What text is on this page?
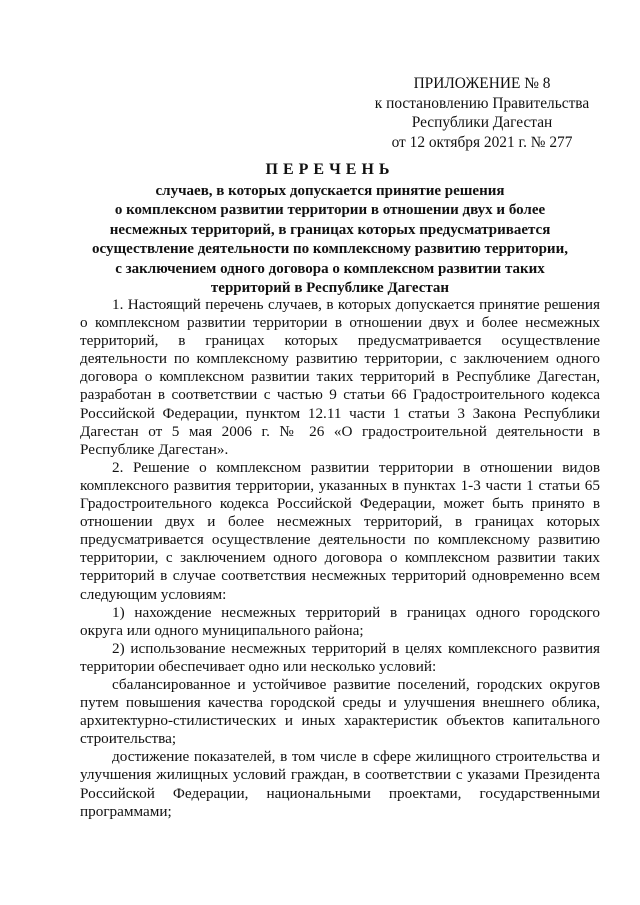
ПРИЛОЖЕНИЕ № 8
к постановлению Правительства
Республики Дагестан
от 12 октября 2021 г. № 277
ПЕРЕЧЕНЬ
случаев, в которых допускается принятие решения
о комплексном развитии территории в отношении двух и более
несмежных территорий, в границах которых предусматривается
осуществление деятельности по комплексному развитию территории,
с заключением одного договора о комплексном развитии таких
территорий в Республике Дагестан

1. Настоящий перечень случаев, в которых допускается принятие решения о комплексном развитии территории в отношении двух и более несмежных территорий, в границах которых предусматривается осуществление деятельности по комплексному развитию территории, с заключением одного договора о комплексном развитии таких территорий в Республике Дагестан, разработан в соответствии с частью 9 статьи 66 Градостроительного кодекса Российской Федерации, пунктом 12.11 части 1 статьи 3 Закона Республики Дагестан от 5 мая 2006 г. № 26 «О градостроительной деятельности в Республике Дагестан».

2. Решение о комплексном развитии территории в отношении видов комплексного развития территории, указанных в пунктах 1-3 части 1 статьи 65 Градостроительного кодекса Российской Федерации, может быть принято в отношении двух и более несмежных территорий, в границах которых предусматривается осуществление деятельности по комплексному развитию территории, с заключением одного договора о комплексном развитии таких территорий в случае соответствия несмежных территорий одновременно всем следующим условиям:

1) нахождение несмежных территорий в границах одного городского округа или одного муниципального района;

2) использование несмежных территорий в целях комплексного развития территории обеспечивает одно или несколько условий:

сбалансированное и устойчивое развитие поселений, городских округов путем повышения качества городской среды и улучшения внешнего облика, архитектурно-стилистических и иных характеристик объектов капитального строительства;

достижение показателей, в том числе в сфере жилищного строительства и улучшения жилищных условий граждан, в соответствии с указами Президента Российской Федерации, национальными проектами, государственными программами;
